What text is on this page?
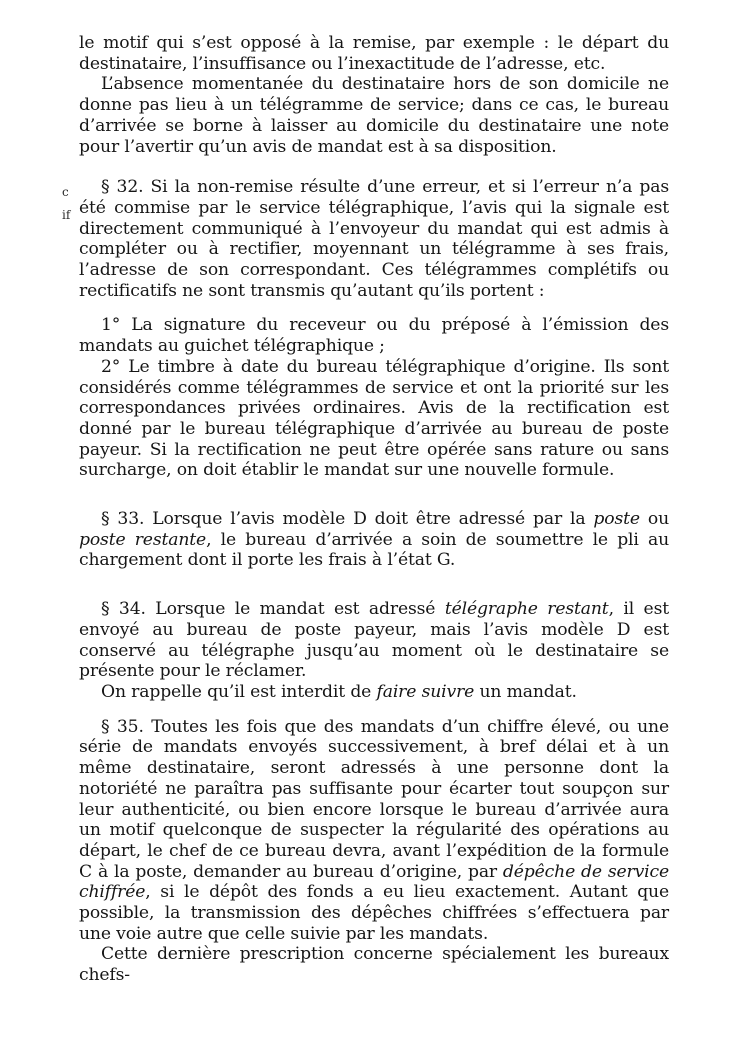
c
if

le motif qui s’est opposé à la remise, par exemple : le départ du destinataire, l’insuffisance ou l’inexactitude de l’adresse, etc.

L’absence momentanée du destinataire hors de son domicile ne donne pas lieu à un télégramme de service; dans ce cas, le bureau d’arrivée se borne à laisser au domicile du destinataire une note pour l’avertir qu’un avis de mandat est à sa disposition.

§ 32. Si la non-remise résulte d’une erreur, et si l’erreur n’a pas été commise par le service télégraphique, l’avis qui la signale est directement communiqué à l’envoyeur du mandat qui est admis à compléter ou à rectifier, moyennant un télégramme à ses frais, l’adresse de son correspondant. Ces télégrammes complétifs ou rectificatifs ne sont transmis qu’autant qu’ils portent :

1° La signature du receveur ou du préposé à l’émission des mandats au guichet télégraphique ;

2° Le timbre à date du bureau télégraphique d’origine. Ils sont considérés comme télégrammes de service et ont la priorité sur les correspondances privées ordinaires. Avis de la rectification est donné par le bureau télégraphique d’arrivée au bureau de poste payeur. Si la rectification ne peut être opérée sans rature ou sans surcharge, on doit établir le mandat sur une nouvelle formule.

§ 33. Lorsque l’avis modèle D doit être adressé par la poste ou poste restante, le bureau d’arrivée a soin de soumettre le pli au chargement dont il porte les frais à l’état G.

§ 34. Lorsque le mandat est adressé télégraphe restant, il est envoyé au bureau de poste payeur, mais l’avis modèle D est conservé au télégraphe jusqu’au moment où le destinataire se présente pour le réclamer.

On rappelle qu’il est interdit de faire suivre un mandat.

§ 35. Toutes les fois que des mandats d’un chiffre élevé, ou une série de mandats envoyés successivement, à bref délai et à un même destinataire, seront adressés à une personne dont la notoriété ne paraîtra pas suffisante pour écarter tout soupçon sur leur authenticité, ou bien encore lorsque le bureau d’arrivée aura un motif quelconque de suspecter la régularité des opérations au départ, le chef de ce bureau devra, avant l’expédition de la formule C à la poste, demander au bureau d’origine, par dépêche de service chiffrée, si le dépôt des fonds a eu lieu exactement. Autant que possible, la transmission des dépêches chiffrées s’effectuera par une voie autre que celle suivie par les mandats.

Cette dernière prescription concerne spécialement les bureaux chefs-
